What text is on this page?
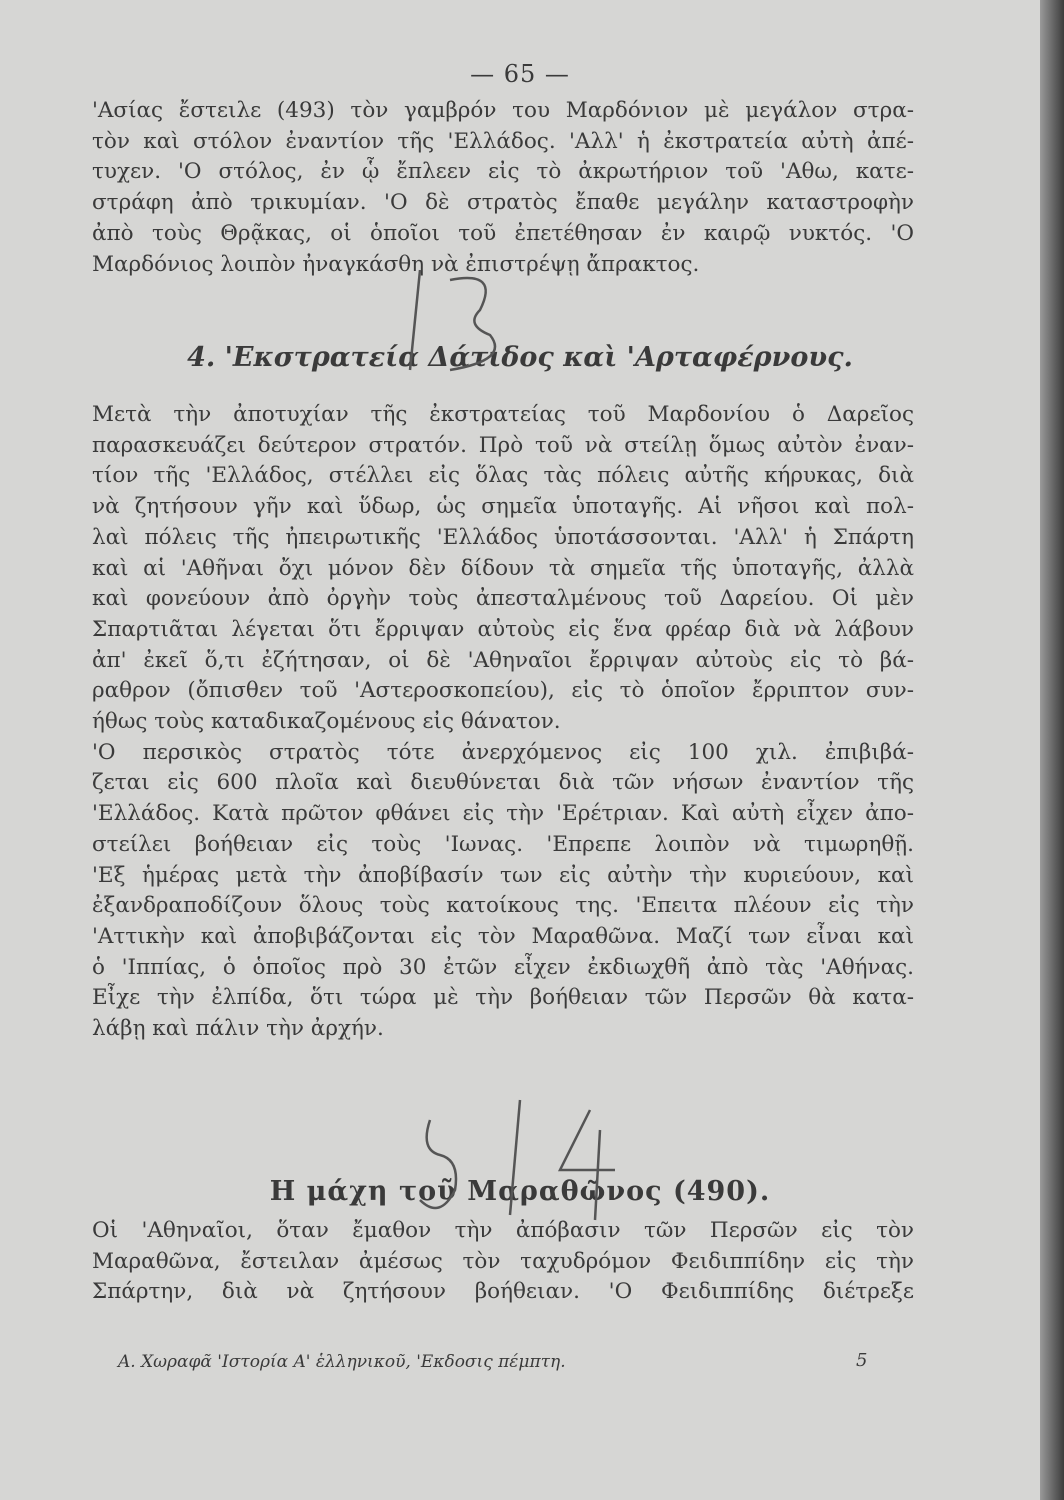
— 65 —
'Ασίας ἔστειλε (493) τὸν γαμβρόν του Μαρδόνιον μὲ μεγάλον στρα-
τὸν καὶ στόλον ἐναντίον τῆς 'Ελλάδος. 'Αλλ' ἡ ἐκστρατεία αὐτὴ ἀπέ-
τυχεν. 'Ο στόλος, ἐν ᾧ ἔπλεεν εἰς τὸ ἀκρωτήριον τοῦ 'Αθω, κατε-
στράφη ἀπὸ τρικυμίαν. 'Ο δὲ στρατὸς ἔπαθε μεγάλην καταστροφὴν
ἀπὸ τοὺς Θρᾷκας, οἱ ὁποῖοι τοῦ ἐπετέθησαν ἐν καιρῷ νυκτός. 'Ο
Μαρδόνιος λοιπὸν ἠναγκάσθη νὰ ἐπιστρέψῃ ἄπρακτος.
4. 'Εκστρατεία Δάτιδος καὶ 'Αρταφέρνους.
Μετὰ τὴν ἀποτυχίαν τῆς ἐκστρατείας τοῦ Μαρδονίου ὁ Δαρεῖος
παρασκευάζει δεύτερον στρατόν. Πρὸ τοῦ νὰ στείλῃ ὅμως αὐτὸν ἐναν-
τίον τῆς 'Ελλάδος, στέλλει εἰς ὅλας τὰς πόλεις αὐτῆς κήρυκας, διὰ
νὰ ζητήσουν γῆν καὶ ὕδωρ, ὡς σημεῖα ὑποταγῆς. Αἱ νῆσοι καὶ πολ-
λαὶ πόλεις τῆς ἠπειρωτικῆς 'Ελλάδος ὑποτάσσονται. 'Αλλ' ἡ Σπάρτη
καὶ αἱ 'Αθῆναι ὄχι μόνον δὲν δίδουν τὰ σημεῖα τῆς ὑποταγῆς, ἀλλὰ
καὶ φονεύουν ἀπὸ ὀργὴν τοὺς ἀπεσταλμένους τοῦ Δαρείου. Οἱ μὲν
Σπαρτιᾶται λέγεται ὅτι ἔρριψαν αὐτοὺς εἰς ἕνα φρέαρ διὰ νὰ λάβουν
ἀπ' ἐκεῖ ὅ,τι ἐζήτησαν, οἱ δὲ 'Αθηναῖοι ἔρριψαν αὐτοὺς εἰς τὸ βά-
ραθρον (ὄπισθεν τοῦ 'Αστεροσκοπείου), εἰς τὸ ὁποῖον ἔρριπτον συν-
ήθως τοὺς καταδικαζομένους εἰς θάνατον.
'Ο περσικὸς στρατὸς τότε ἀνερχόμενος εἰς 100 χιλ. ἐπιβιβά-
ζεται εἰς 600 πλοῖα καὶ διευθύνεται διὰ τῶν νήσων ἐναντίον τῆς
'Ελλάδος. Κατὰ πρῶτον φθάνει εἰς τὴν 'Ερέτριαν. Καὶ αὐτὴ εἶχεν ἀπο-
στείλει βοήθειαν εἰς τοὺς 'Ιωνας. 'Επρεπε λοιπὸν νὰ τιμωρηθῇ.
'Εξ ἡμέρας μετὰ τὴν ἀποβίβασίν των εἰς αὐτὴν τὴν κυριεύουν, καὶ
ἐξανδραποδίζουν ὅλους τοὺς κατοίκους της. 'Επειτα πλέουν εἰς τὴν
'Αττικὴν καὶ ἀποβιβάζονται εἰς τὸν Μαραθῶνα. Μαζί των εἶναι καὶ
ὁ 'Ιππίας, ὁ ὁποῖος πρὸ 30 ἐτῶν εἶχεν ἐκδιωχθῆ ἀπὸ τὰς 'Αθήνας.
Εἶχε τὴν ἐλπίδα, ὅτι τώρα μὲ τὴν βοήθειαν τῶν Περσῶν θὰ κατα-
λάβῃ καὶ πάλιν τὴν ἀρχήν.
Η μάχη τοῦ Μαραθῶνος (490).
Οἱ 'Αθηναῖοι, ὅταν ἔμαθον τὴν ἀπόβασιν τῶν Περσῶν εἰς τὸν
Μαραθῶνα, ἔστειλαν ἀμέσως τὸν ταχυδρόμον Φειδιππίδην εἰς τὴν
Σπάρτην, διὰ νὰ ζητήσουν βοήθειαν. 'Ο Φειδιππίδης διέτρεξε
Α. Χωραφᾶ 'Ιστορία Α' ἑλληνικοῦ, 'Εκδοσις πέμπτη.	5
13
14
